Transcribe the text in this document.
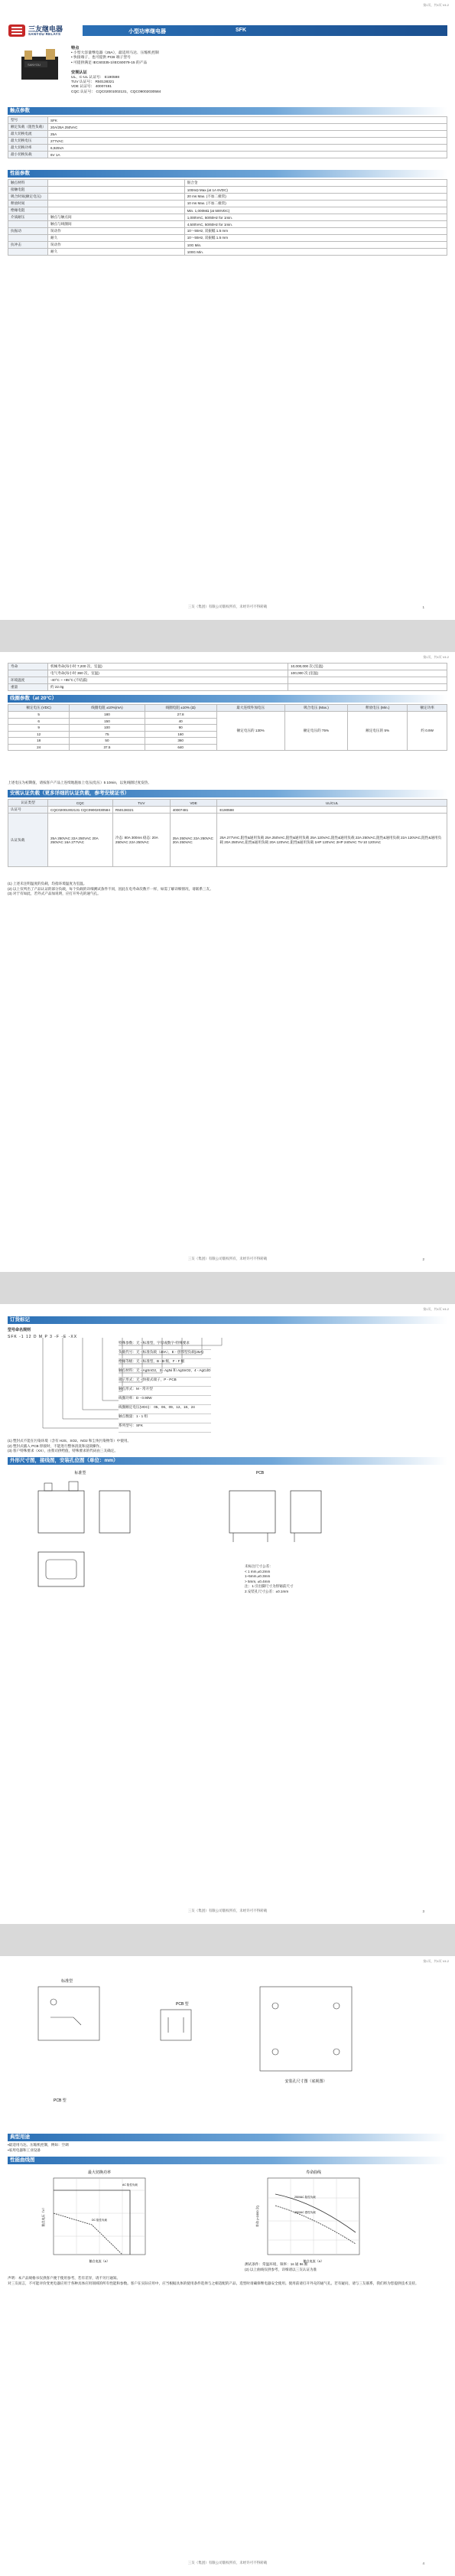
第1页，共4页 V4.2
三友继电器
SANYOU RELAYS	小型功率继电器	SFK
SANYOU
特点
• 小型大容量继电器（25A），最适用马达、压缩机控制
• 快接端子，也可提供 PCB 端子型号
• 可提供满足 IEC60335-1/IEC60079-15 的产品
安规认证
UL、C-UL 认证号： E190598
TUV 认证号： R50138321
VDE 认证号： 40007481
CQC 认证号： CQC02001002131，CQC09002030584
触点参数
型号	SFK
额定负载（阻性负载）	20A/25A 250VAC
最大切换电流	25A
最大切换电压	277VAC
最大切换功率	6,925VA
最小切换负载	6V 1A
性能参数
触点材料		银合金
接触电阻		100mΩ Max.(at 1A 6VDC)
吸合时间(额定电压)		20 ms Max. (不加二极管)
释放时间		10 ms Max. (不加二极管)
绝缘电阻		Min. 1,000MΩ (at 500VDC)
介质耐压	触点与触点间	1,000VAC, 50/60Hz for 1min.
	触点与线圈间	4,500VAC, 50/60Hz for 1min.
抗振动	误动作	10～55Hz, 双振幅 1.5 mm
	耐久	10～55Hz, 双振幅 1.5 mm
抗冲击	误动作	10G Min.
	耐久	100G Min.
三友（集团）有限公司版权所有，未经许可不得转载	1
第1页，共4页 V4.2
寿命	机械寿命(每小时 7,200 次，室温)	10,000,000 次 (室温)
	电气寿命(每小时 360 次，室温)	100,000 次 (室温)
环境温度	-40°C ~ +85°C (不结露)	
重量	约 22.0g	
线圈参数（at 20°C）
额定电压 (VDC)	线圈电阻 ±10%(mA)	线圈电阻 ±10% (Ω)	最大连续外加电压	吸合电压 (Max.)	释放电压 (Min.)	额定功率
5	180	27.8	额定电压的 130%	额定电压的 75%	额定电压的 5%	约 0.9W
6	150	40				
9	100	90				
12	75	160				
18	50	360				
24	37.5	640				
上述电压为初期值，请按客户产品上连续地施加上电压(电压）5 10min，以免线圈过度发热。
安规认证负载（更多详细的认证负载，参考安规证书）
认证类型	CQC	TUV	VDE	UL/CUL
认证号	CQC02001002131 CQC09002030584	R50138321	40007481	E190598
认证负载	25A 250VAC 22A 250VAC 20A 250VAC 16A 277VAC	冷态: 80A 300ms 稳态: 20A 250VAC 22A 250VAC	25A 250VAC 22A 250VAC 20A 250VAC	25A 277VAC,阻性&通用负载 25A 250VAC,阻性&通用负载 25A 120VAC,阻性&通用负载 22A 250VAC,阻性&通用负载 22A 120VAC,阻性&通用负载 20A 250VAC,阻性&通用负载 20A 120VAC,阻性&通用负载 1HP 120VAC 2HP 240VAC TV-10 120VAC
(1) 上述未注明温度的负载，均指环境温度为室温。
(2) 以上仅列出了产品认证的部分负载，每个负载的详细测试条件不同，因此在电寿命次数不一样，如需了解详细情况，请联系三友。
(3) 对于有如此，若外式产品加说明，应打开外壳的通气孔。
三友（集团）有限公司版权所有，未经许可不得转载	2
第1页，共4页 V4.2
订货标记
型号命名规则
SFK -1 12 D M P 3 -F -E -XX
特殊参数：无 - 标准型，字母或数字-特殊要求
负载代号：无 - 标准负载（20A），E - 创邦型负载(25A)
绝缘等级：无 - 标准型，B - B 级，F - F 级
触点材料：无 - AgSnO2，3 - AgNi 和 AgSnO2，4 - AgCdO
端子形式：无 - 快接式端子，P - PCB
触点形式：M - 常开型
线圈功率：D - 0.90W
线圈额定电压(VDC)： 05、06、09、12、18、24
触点数量：1 - 1 组
系列型号：SFK
(1) 塑封式不能在污染环境（含有 H2S、SO2、NO2 和尘埃污染物等）中使用。
(2) 塑封式插入 PCB 焊接时，不能进行整体清洗和浸渍操作。
(3) 客户特殊要求（XX），由我司供给值，特殊要求的代码由三友确定。
外形尺寸图，接线图，安装孔位图（单位：mm）
标准型	PCB
未标注尺寸公差：
< 1 mm,±0.2mm
1~5mm,±0.3mm
> 5mm, ±0.4mm
注：1.引出脚尺寸为焊锡前尺寸
2.安装孔尺寸公差：±0.1mm
三友（集团）有限公司版权所有，未经许可不得转载	3
第1页，共4页 V4.2
标准型
PCB 型
安装孔尺寸图（底视图）
PCB 型
典型用途
▪最适用马达、压缩机控制，例如：空调
▪家用电器和工业设备
性能曲线图
最大切换功率
AC 阻性负载
DC 阻性负载
触点电流（A）
触点电压（V）
寿命曲线
250VAC 阻性负载
250VAC 感性负载
触点电流（A）
寿命 (×1000 次)
测试条件：常温环境，频率：1s 通 9s 断
(2) 以上曲线仅供参考，详细请以三友认证为准
声明：本产品规格书仅供客户便于使用参考，若有差异，请不另行通知。
对三友而言，不可能评价变更电器应用于各种具体应用领域的所有性能和参数。客户在实际应用中，应当根据具体的使用条件选择与之相适配的产品，选型时请确保继电器安全使用。使用前请打开外壳的通气孔。若有疑问，请与三友联系，我们将为您提供技术支持。
三友（集团）有限公司版权所有，未经许可不得转载	4
